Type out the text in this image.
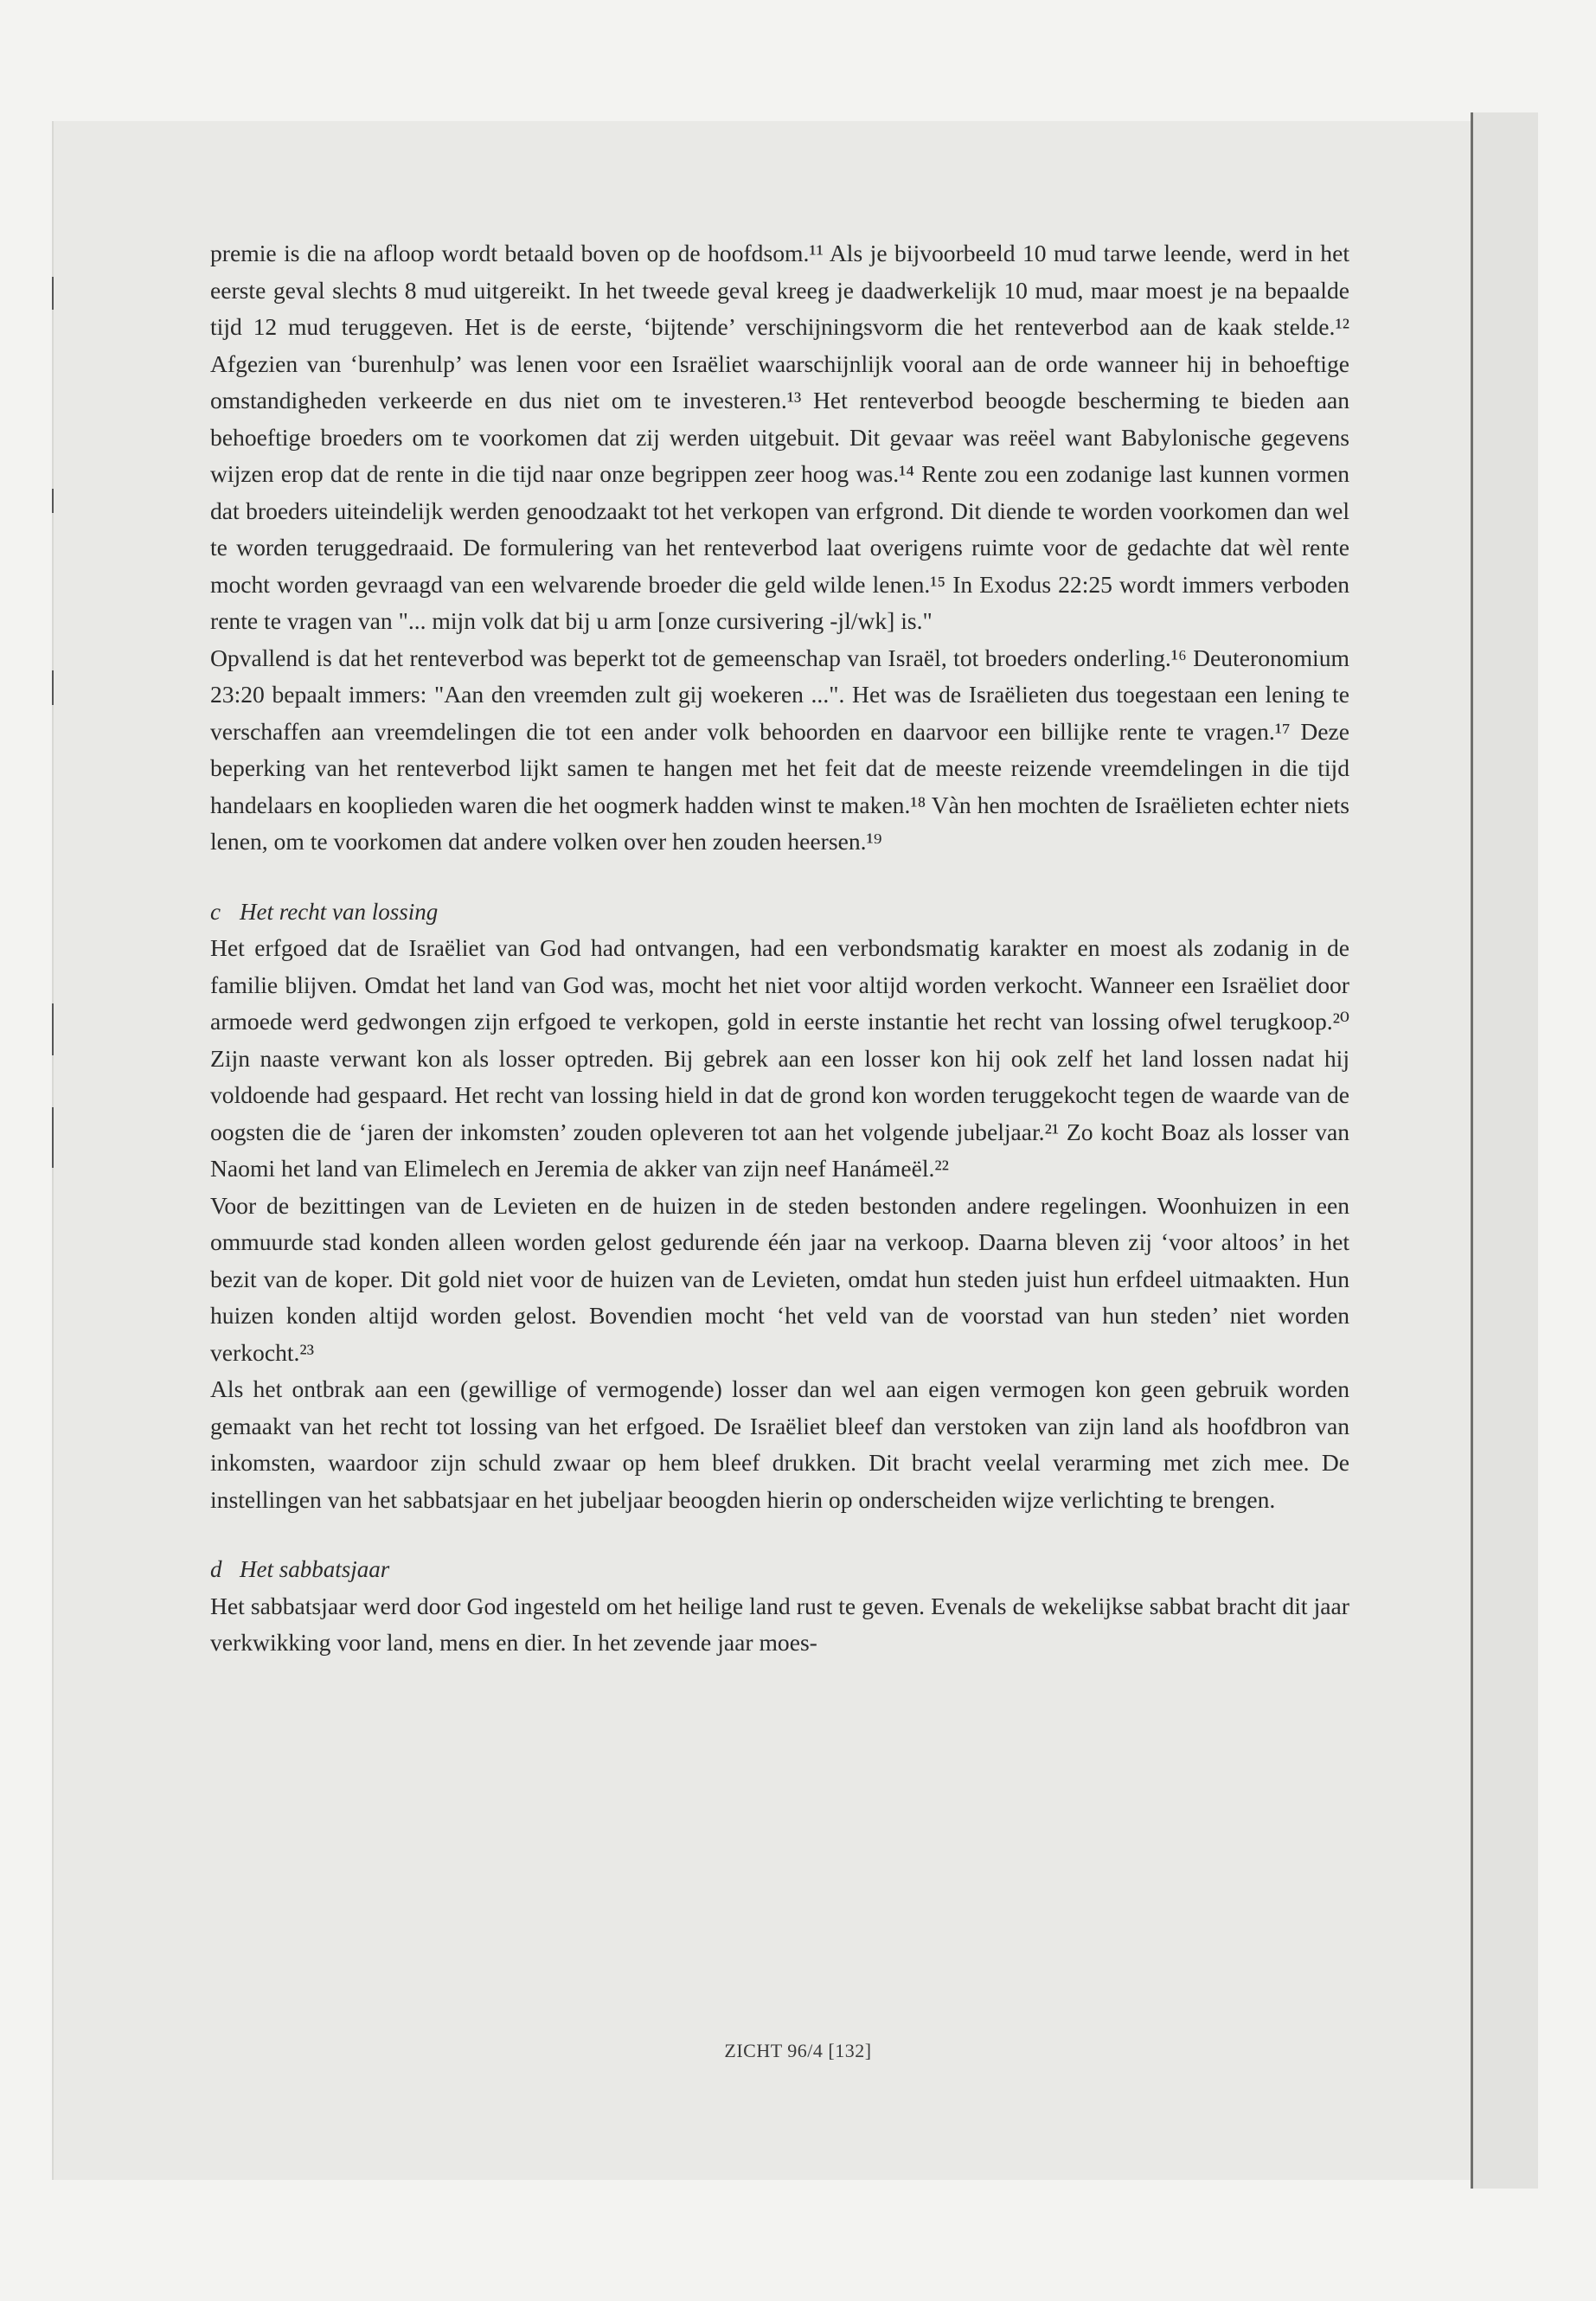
premie is die na afloop wordt betaald boven op de hoofdsom.¹¹ Als je bijvoorbeeld 10 mud tarwe leende, werd in het eerste geval slechts 8 mud uitgereikt. In het tweede geval kreeg je daadwerkelijk 10 mud, maar moest je na bepaalde tijd 12 mud teruggeven. Het is de eerste, ‘bijtende’ verschijningsvorm die het renteverbod aan de kaak stelde.¹² Afgezien van ‘burenhulp’ was lenen voor een Israëliet waarschijnlijk vooral aan de orde wanneer hij in behoeftige omstandigheden verkeerde en dus niet om te investeren.¹³ Het renteverbod beoogde bescherming te bieden aan behoeftige broeders om te voorkomen dat zij werden uitgebuit. Dit gevaar was reëel want Babylonische gegevens wijzen erop dat de rente in die tijd naar onze begrippen zeer hoog was.¹⁴ Rente zou een zodanige last kunnen vormen dat broeders uiteindelijk werden genoodzaakt tot het verkopen van erfgrond. Dit diende te worden voorkomen dan wel te worden teruggedraaid. De formulering van het renteverbod laat overigens ruimte voor de gedachte dat wèl rente mocht worden gevraagd van een welvarende broeder die geld wilde lenen.¹⁵ In Exodus 22:25 wordt immers verboden rente te vragen van "... mijn volk dat bij u arm [onze cursivering -jl/wk] is."

Opvallend is dat het renteverbod was beperkt tot de gemeenschap van Israël, tot broeders onderling.¹⁶ Deuteronomium 23:20 bepaalt immers: "Aan den vreemden zult gij woekeren ...". Het was de Israëlieten dus toegestaan een lening te verschaffen aan vreemdelingen die tot een ander volk behoorden en daarvoor een billijke rente te vragen.¹⁷ Deze beperking van het renteverbod lijkt samen te hangen met het feit dat de meeste reizende vreemdelingen in die tijd handelaars en kooplieden waren die het oogmerk hadden winst te maken.¹⁸ Vàn hen mochten de Israëlieten echter niets lenen, om te voorkomen dat andere volken over hen zouden heersen.¹⁹

c Het recht van lossing

Het erfgoed dat de Israëliet van God had ontvangen, had een verbondsmatig karakter en moest als zodanig in de familie blijven. Omdat het land van God was, mocht het niet voor altijd worden verkocht. Wanneer een Israëliet door armoede werd gedwongen zijn erfgoed te verkopen, gold in eerste instantie het recht van lossing ofwel terugkoop.²⁰ Zijn naaste verwant kon als losser optreden. Bij gebrek aan een losser kon hij ook zelf het land lossen nadat hij voldoende had gespaard. Het recht van lossing hield in dat de grond kon worden teruggekocht tegen de waarde van de oogsten die de ‘jaren der inkomsten’ zouden opleveren tot aan het volgende jubeljaar.²¹ Zo kocht Boaz als losser van Naomi het land van Elimelech en Jeremia de akker van zijn neef Hanámeël.²²

Voor de bezittingen van de Levieten en de huizen in de steden bestonden andere regelingen. Woonhuizen in een ommuurde stad konden alleen worden gelost gedurende één jaar na verkoop. Daarna bleven zij ‘voor altoos’ in het bezit van de koper. Dit gold niet voor de huizen van de Levieten, omdat hun steden juist hun erfdeel uitmaakten. Hun huizen konden altijd worden gelost. Bovendien mocht ‘het veld van de voorstad van hun steden’ niet worden verkocht.²³

Als het ontbrak aan een (gewillige of vermogende) losser dan wel aan eigen vermogen kon geen gebruik worden gemaakt van het recht tot lossing van het erfgoed. De Israëliet bleef dan verstoken van zijn land als hoofdbron van inkomsten, waardoor zijn schuld zwaar op hem bleef drukken. Dit bracht veelal verarming met zich mee. De instellingen van het sabbatsjaar en het jubeljaar beoogden hierin op onderscheiden wijze verlichting te brengen.

d Het sabbatsjaar

Het sabbatsjaar werd door God ingesteld om het heilige land rust te geven. Evenals de wekelijkse sabbat bracht dit jaar verkwikking voor land, mens en dier. In het zevende jaar moes-

ZICHT 96/4 [132]
